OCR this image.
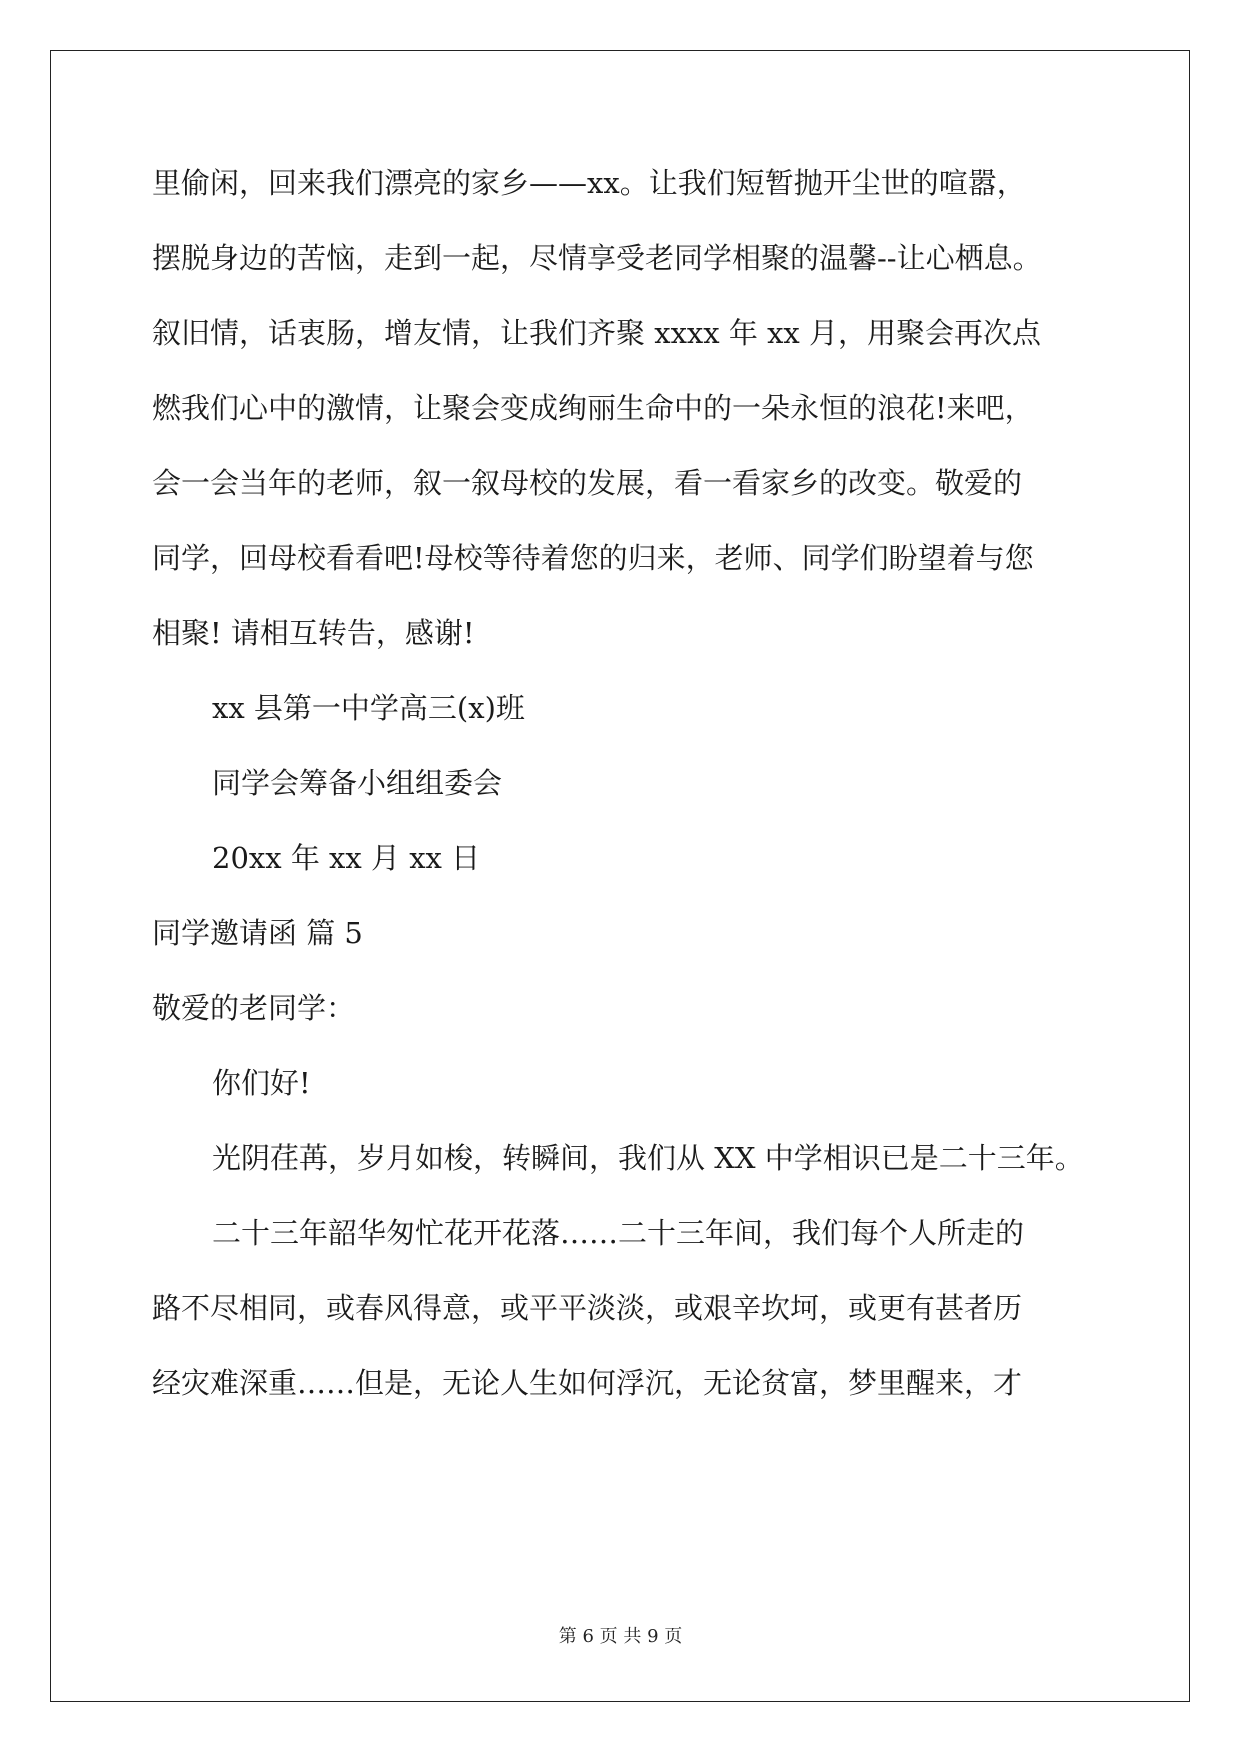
里偷闲，回来我们漂亮的家乡——xx。让我们短暂抛开尘世的喧嚣，
摆脱身边的苦恼，走到一起，尽情享受老同学相聚的温馨--让心栖息。
叙旧情，话衷肠，增友情，让我们齐聚 xxxx 年 xx 月，用聚会再次点
燃我们心中的激情，让聚会变成绚丽生命中的一朵永恒的浪花!来吧，
会一会当年的老师，叙一叙母校的发展，看一看家乡的改变。敬爱的
同学，回母校看看吧!母校等待着您的归来，老师、同学们盼望着与您
相聚! 请相互转告，感谢!
xx 县第一中学高三(x)班
同学会筹备小组组委会
20xx 年 xx 月 xx 日
同学邀请函 篇 5
敬爱的老同学：
你们好!
光阴荏苒，岁月如梭，转瞬间，我们从 XX 中学相识已是二十三年。
二十三年韶华匆忙花开花落……二十三年间，我们每个人所走的
路不尽相同，或春风得意，或平平淡淡，或艰辛坎坷，或更有甚者历
经灾难深重……但是，无论人生如何浮沉，无论贫富，梦里醒来，才
第 6 页 共 9 页
